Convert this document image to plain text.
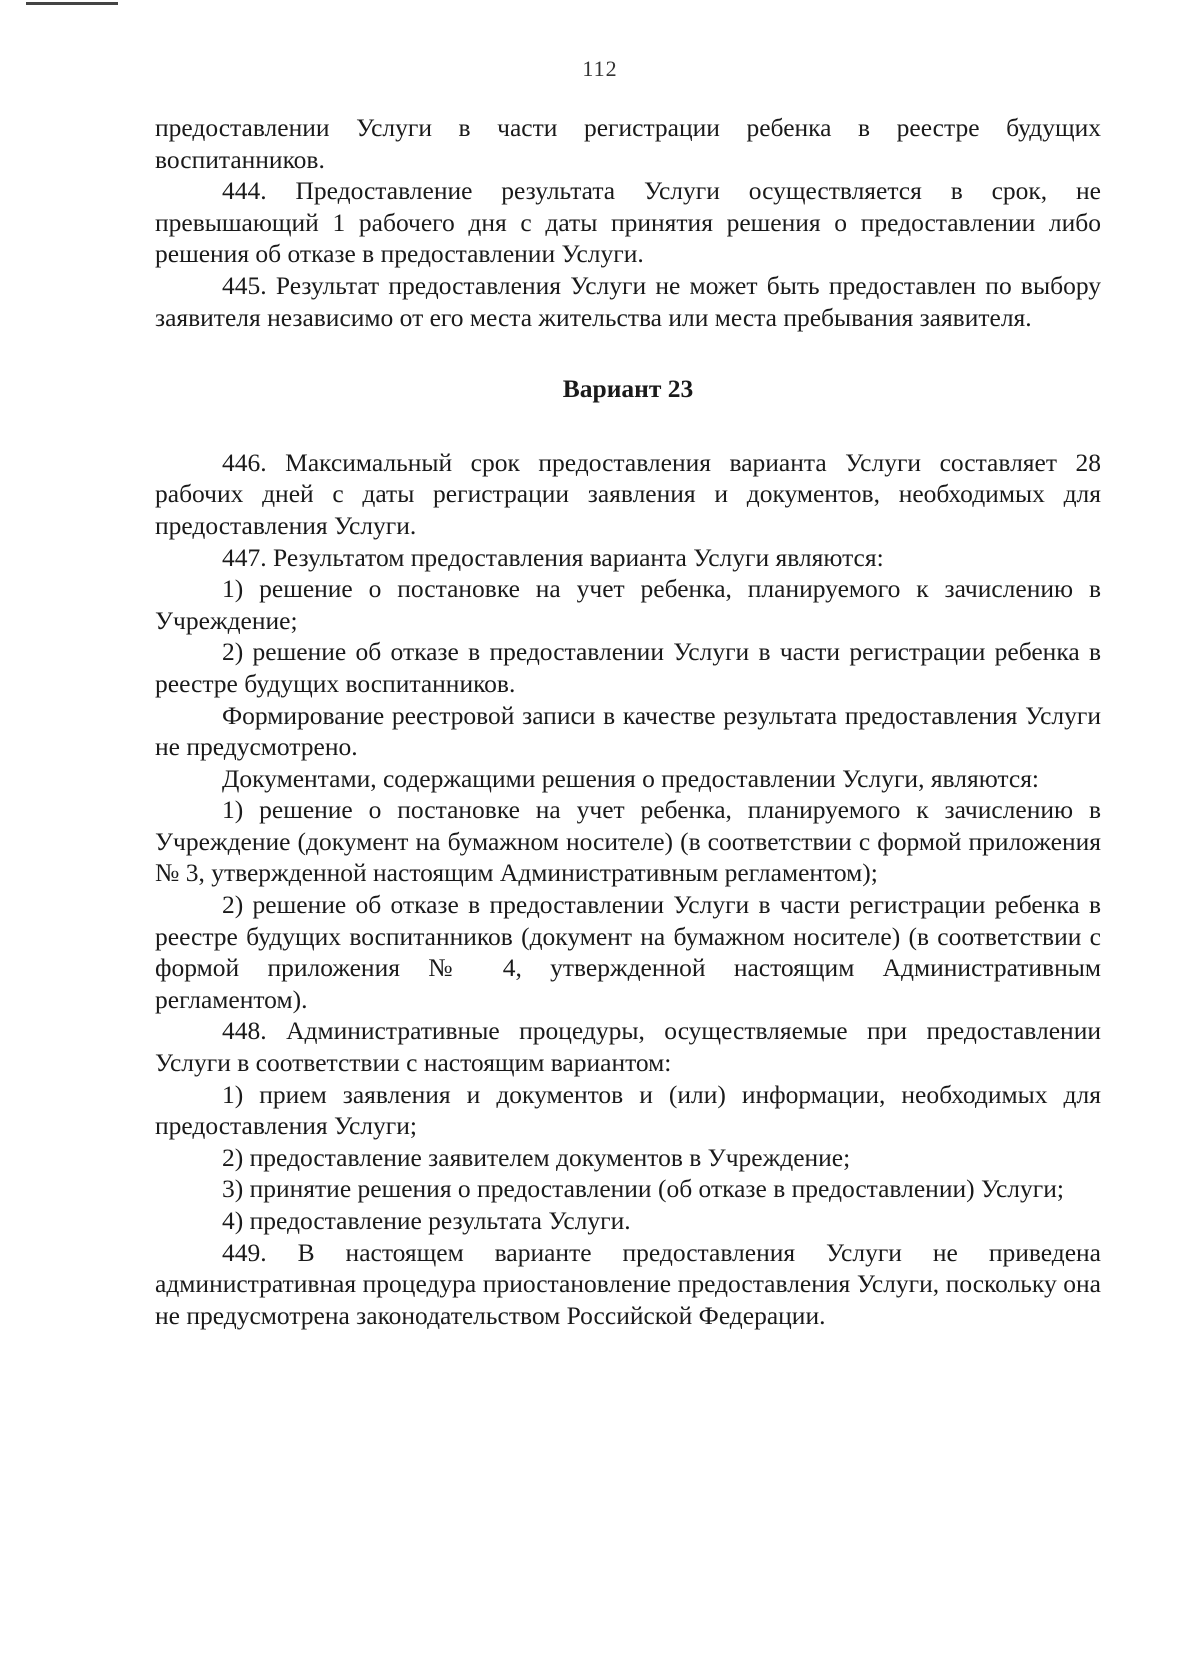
112

предоставлении Услуги в части регистрации ребенка в реестре будущих воспитанников.

444. Предоставление результата Услуги осуществляется в срок, не превышающий 1 рабочего дня с даты принятия решения о предоставлении либо решения об отказе в предоставлении Услуги.

445. Результат предоставления Услуги не может быть предоставлен по выбору заявителя независимо от его места жительства или места пребывания заявителя.

Вариант 23

446. Максимальный срок предоставления варианта Услуги составляет 28 рабочих дней с даты регистрации заявления и документов, необходимых для предоставления Услуги.

447. Результатом предоставления варианта Услуги являются:

1) решение о постановке на учет ребенка, планируемого к зачислению в Учреждение;

2) решение об отказе в предоставлении Услуги в части регистрации ребенка в реестре будущих воспитанников.

Формирование реестровой записи в качестве результата предоставления Услуги не предусмотрено.

Документами, содержащими решения о предоставлении Услуги, являются:

1) решение о постановке на учет ребенка, планируемого к зачислению в Учреждение (документ на бумажном носителе) (в соответствии с формой приложения № 3, утвержденной настоящим Административным регламентом);

2) решение об отказе в предоставлении Услуги в части регистрации ребенка в реестре будущих воспитанников (документ на бумажном носителе) (в соответствии с формой приложения № 4, утвержденной настоящим Административным регламентом).

448. Административные процедуры, осуществляемые при предоставлении Услуги в соответствии с настоящим вариантом:

1) прием заявления и документов и (или) информации, необходимых для предоставления Услуги;

2) предоставление заявителем документов в Учреждение;

3) принятие решения о предоставлении (об отказе в предоставлении) Услуги;

4) предоставление результата Услуги.

449. В настоящем варианте предоставления Услуги не приведена административная процедура приостановление предоставления Услуги, поскольку она не предусмотрена законодательством Российской Федерации.
